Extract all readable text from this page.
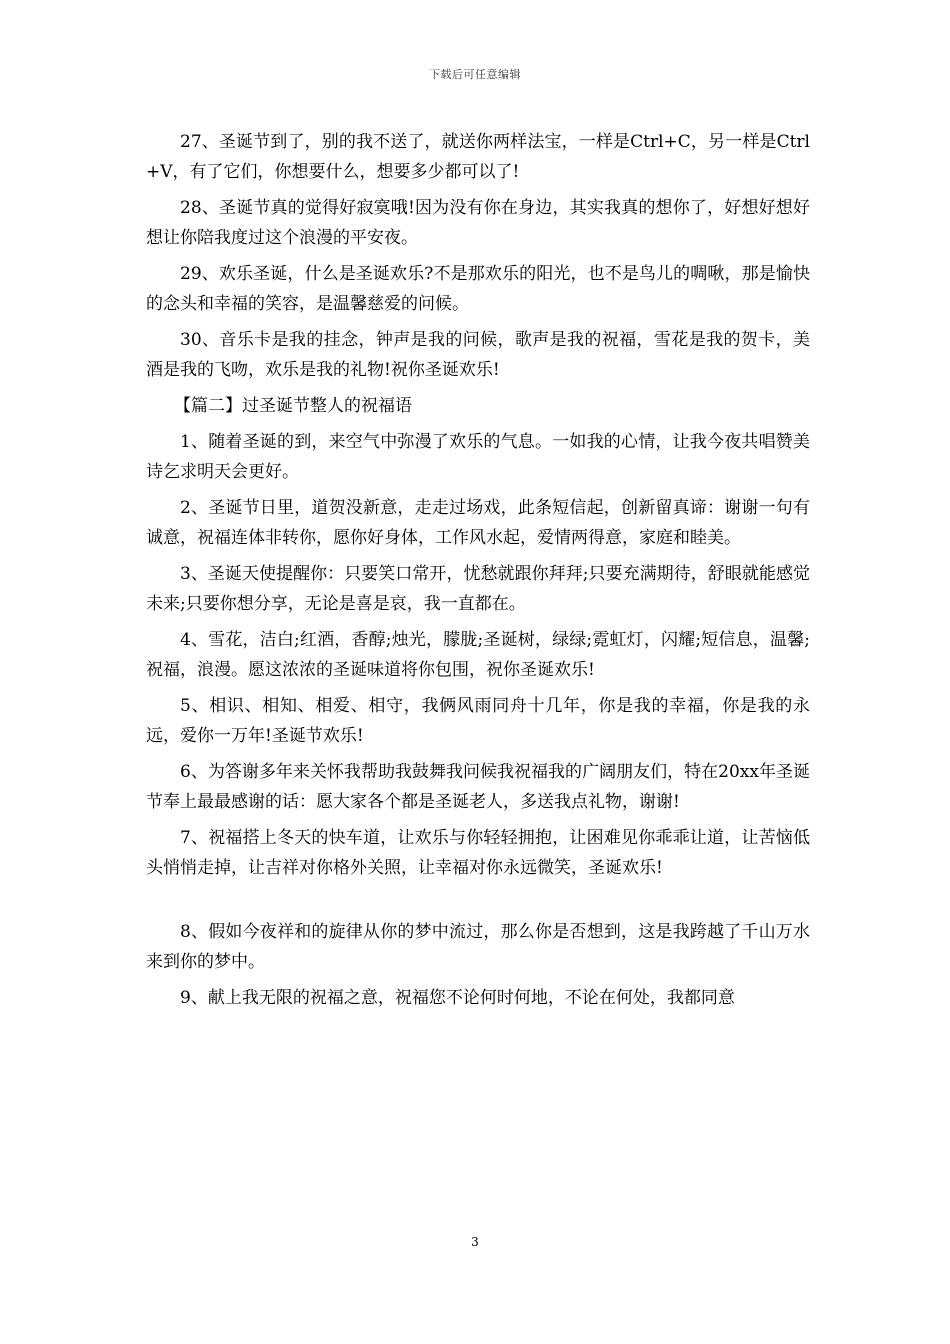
下载后可任意编辑

27、圣诞节到了，别的我不送了，就送你两样法宝，一样是Ctrl+C，另一样是Ctrl+V，有了它们，你想要什么，想要多少都可以了!

28、圣诞节真的觉得好寂寞哦!因为没有你在身边，其实我真的想你了，好想好想好想让你陪我度过这个浪漫的平安夜。

29、欢乐圣诞，什么是圣诞欢乐?不是那欢乐的阳光，也不是鸟儿的啁啾，那是愉快的念头和幸福的笑容，是温馨慈爱的问候。

30、音乐卡是我的挂念，钟声是我的问候，歌声是我的祝福，雪花是我的贺卡，美酒是我的飞吻，欢乐是我的礼物!祝你圣诞欢乐!

【篇二】过圣诞节整人的祝福语

1、随着圣诞的到，来空气中弥漫了欢乐的气息。一如我的心情，让我今夜共唱赞美诗乞求明天会更好。

2、圣诞节日里，道贺没新意，走走过场戏，此条短信起，创新留真谛：谢谢一句有诚意，祝福连体非转你，愿你好身体，工作风水起，爱情两得意，家庭和睦美。

3、圣诞天使提醒你：只要笑口常开，忧愁就跟你拜拜;只要充满期待，舒眼就能感觉未来;只要你想分享，无论是喜是哀，我一直都在。

4、雪花，洁白;红酒，香醇;烛光，朦胧;圣诞树，绿绿;霓虹灯，闪耀;短信息，温馨;祝福，浪漫。愿这浓浓的圣诞味道将你包围，祝你圣诞欢乐!

5、相识、相知、相爱、相守，我俩风雨同舟十几年，你是我的幸福，你是我的永远，爱你一万年!圣诞节欢乐!

6、为答谢多年来关怀我帮助我鼓舞我问候我祝福我的广阔朋友们，特在20xx年圣诞节奉上最最感谢的话：愿大家各个都是圣诞老人，多送我点礼物，谢谢!

7、祝福搭上冬天的快车道，让欢乐与你轻轻拥抱，让困难见你乖乖让道，让苦恼低头悄悄走掉，让吉祥对你格外关照，让幸福对你永远微笑，圣诞欢乐!

8、假如今夜祥和的旋律从你的梦中流过，那么你是否想到，这是我跨越了千山万水来到你的梦中。

9、献上我无限的祝福之意，祝福您不论何时何地，不论在何处，我都同意

3
